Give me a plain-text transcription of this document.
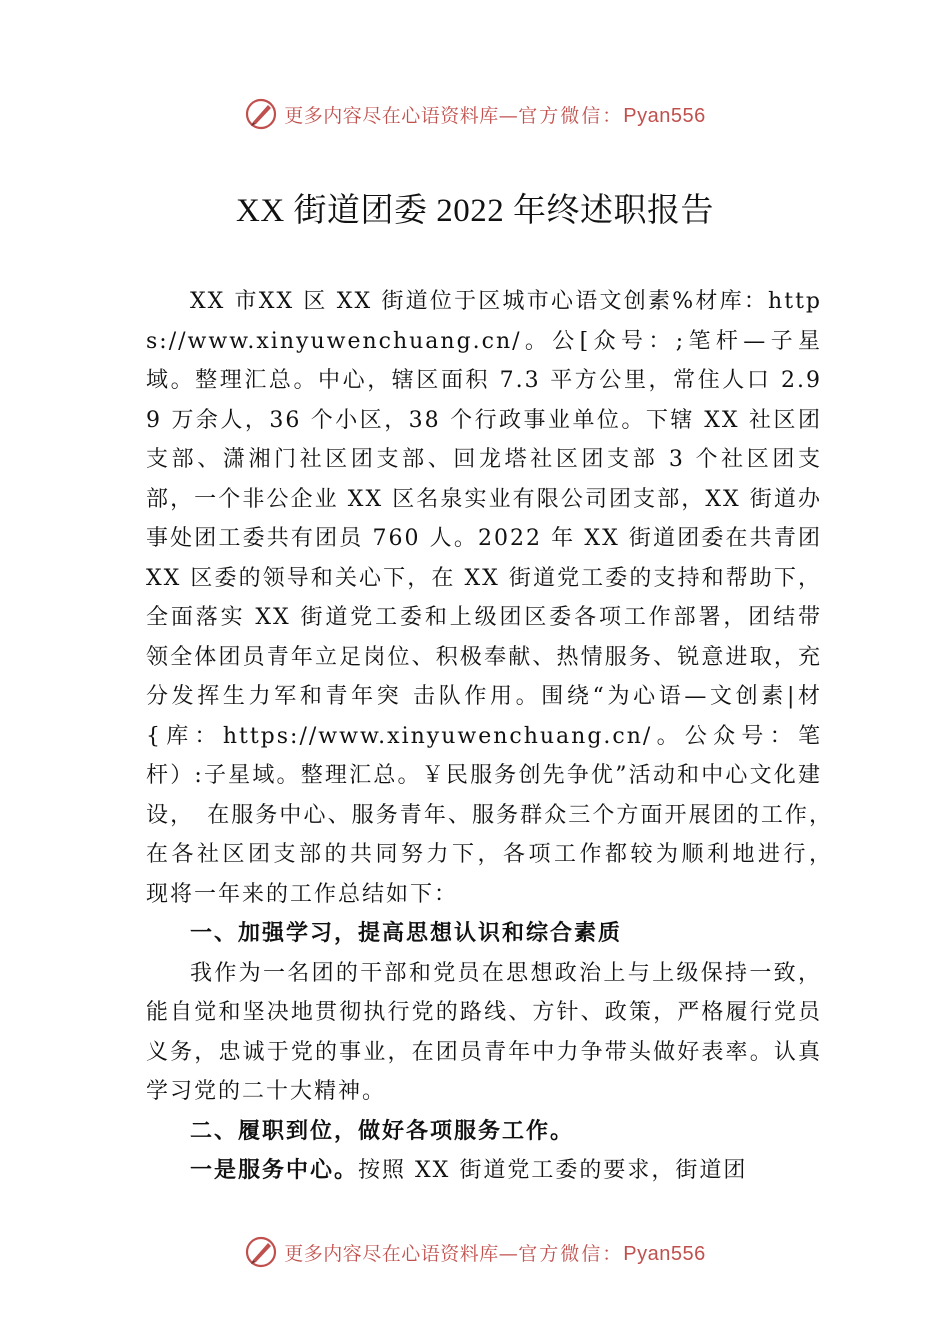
更多内容尽在心语资料库—官方微信：Pyan556
XX 街道团委 2022 年终述职报告

XX 市XX 区 XX 街道位于区城市心语文创素%材库：https://www.xinyuwenchuang.cn/。公[众号：;笔杆—子星域。整理汇总。中心，辖区面积 7.3 平方公里，常住人口 2.99 万余人，36 个小区，38 个行政事业单位。下辖 XX 社区团支部、潇湘门社区团支部、回龙塔社区团支部 3 个社区团支部，一个非公企业 XX 区名泉实业有限公司团支部，XX 街道办事处团工委共有团员 760 人。2022 年 XX 街道团委在共青团 XX 区委的领导和关心下，在 XX 街道党工委的支持和帮助下，全面落实 XX 街道党工委和上级团区委各项工作部署，团结带领全体团员青年立足岗位、积极奉献、热情服务、锐意进取，充分发挥生力军和青年突 击队作用。围绕“为心语—文创素|材{库：https://www.xinyuwenchuang.cn/。公众号：笔杆）:子星域。整理汇总。￥民服务创先争优”活动和中心文化建设，　在服务中心、服务青年、服务群众三个方面开展团的工作，　在各社区团支部的共同努力下，各项工作都较为顺利地进行，　现将一年来的工作总结如下：

一、加强学习，提高思想认识和综合素质

我作为一名团的干部和党员在思想政治上与上级保持一致，能自觉和坚决地贯彻执行党的路线、方针、政策，严格履行党员义务，忠诚于党的事业，在团员青年中力争带头做好表率。认真学习党的二十大精神。

二、履职到位，做好各项服务工作。

一是服务中心。按照 XX 街道党工委的要求，街道团

更多内容尽在心语资料库—官方微信：Pyan556
